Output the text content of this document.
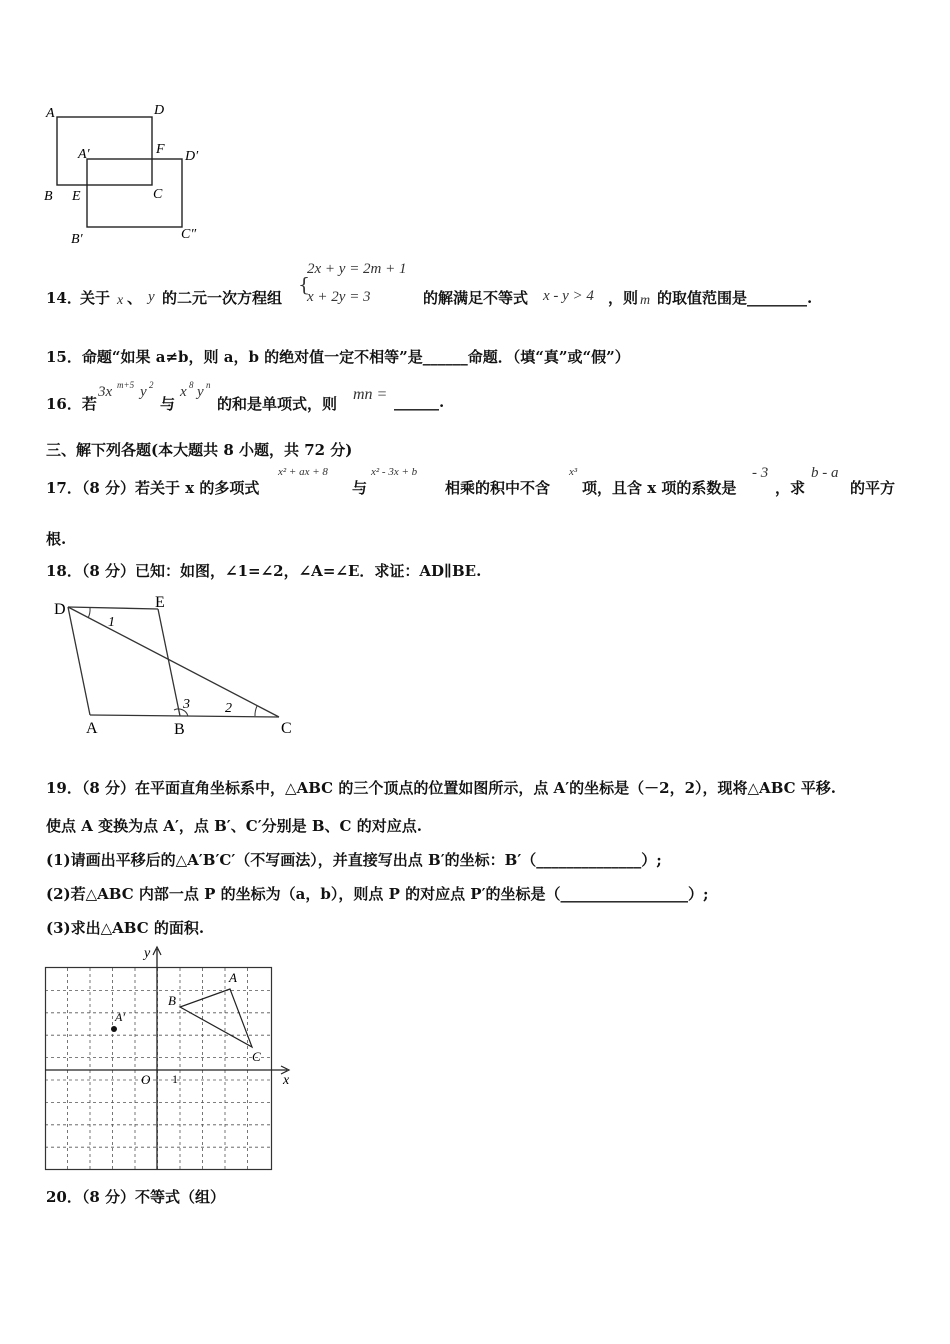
A	D
A′	F D′
B E	C
B′	C″
14．
关于 x 、 y 的二元一次方程组
{
2x + y = 2m + 1
x + 2y = 3	的解满足不等式 x - y > 4 ，则 m 的取值范围是________.
15．命题“如果 a≠b，则 a，b 的绝对值一定不相等”是______命题．（填“真”或“假”）
16．若
3x m+5 y 2
与
x 8 y n
的和是单项式，则
mn = ______.
三、解下列各题(本大题共 8 小题，共 72 分)
17．（8 分）若关于 x 的多项式
x² + ax + 8
与
x² - 3x + b
相乘的积中不含
x³
项，且含 x 项的系数是
- 3
，求
b - a
的平方
根.
18．（8 分）已知：如图，∠1=∠2，∠A=∠E．求证：AD∥BE.
D	E
1
3	2
A	B	C
19．（8 分）在平面直角坐标系中，△ABC 的三个顶点的位置如图所示，点 A′的坐标是（－2，2），现将△ABC 平移.
使点 A 变换为点 A′，点 B′、C′分别是 B、C 的对应点.
(1)请画出平移后的△A′B′C′（不写画法），并直接写出点 B′的坐标：B′（______________）;
(2)若△ABC 内部一点 P 的坐标为（a，b），则点 P 的对应点 P′的坐标是（_________________）;
(3)求出△ABC 的面积.
y
x
O 1
A
B
C
A′
20．（8 分）不等式（组）
